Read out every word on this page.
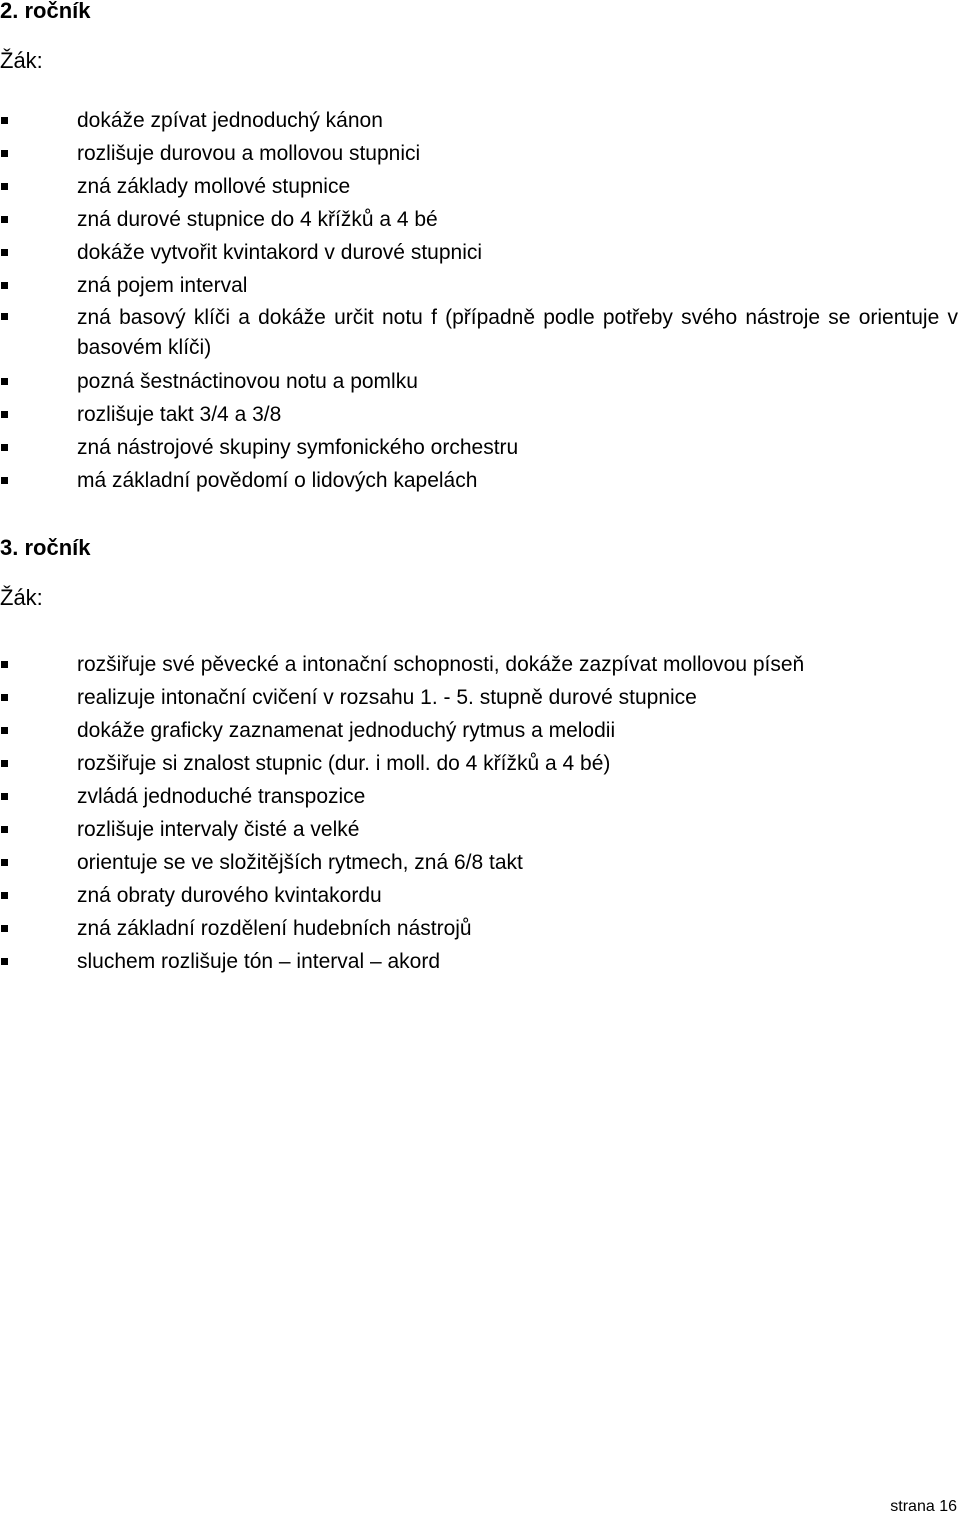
2. ročník

Žák:

dokáže zpívat jednoduchý kánon
rozlišuje durovou a mollovou stupnici
zná základy mollové stupnice
zná durové stupnice do 4 křížků a 4 bé
dokáže vytvořit kvintakord v durové stupnici
zná pojem interval
zná basový klíči a dokáže určit notu f (případně podle potřeby svého nástroje se orientuje v basovém klíči)
pozná šestnáctinovou notu a pomlku
rozlišuje takt 3/4 a 3/8
zná nástrojové skupiny symfonického orchestru
má základní povědomí o lidových kapelách
3. ročník

Žák:

rozšiřuje své pěvecké a intonační schopnosti, dokáže zazpívat mollovou píseň
realizuje intonační cvičení v rozsahu 1. - 5. stupně durové stupnice
dokáže graficky zaznamenat jednoduchý rytmus a melodii
rozšiřuje si znalost stupnic (dur. i moll. do 4 křížků a 4 bé)
zvládá jednoduché transpozice
rozlišuje intervaly čisté a velké
orientuje se ve složitějších rytmech, zná 6/8 takt
zná obraty durového kvintakordu
zná základní rozdělení hudebních nástrojů
sluchem rozlišuje tón – interval – akord
strana 16
